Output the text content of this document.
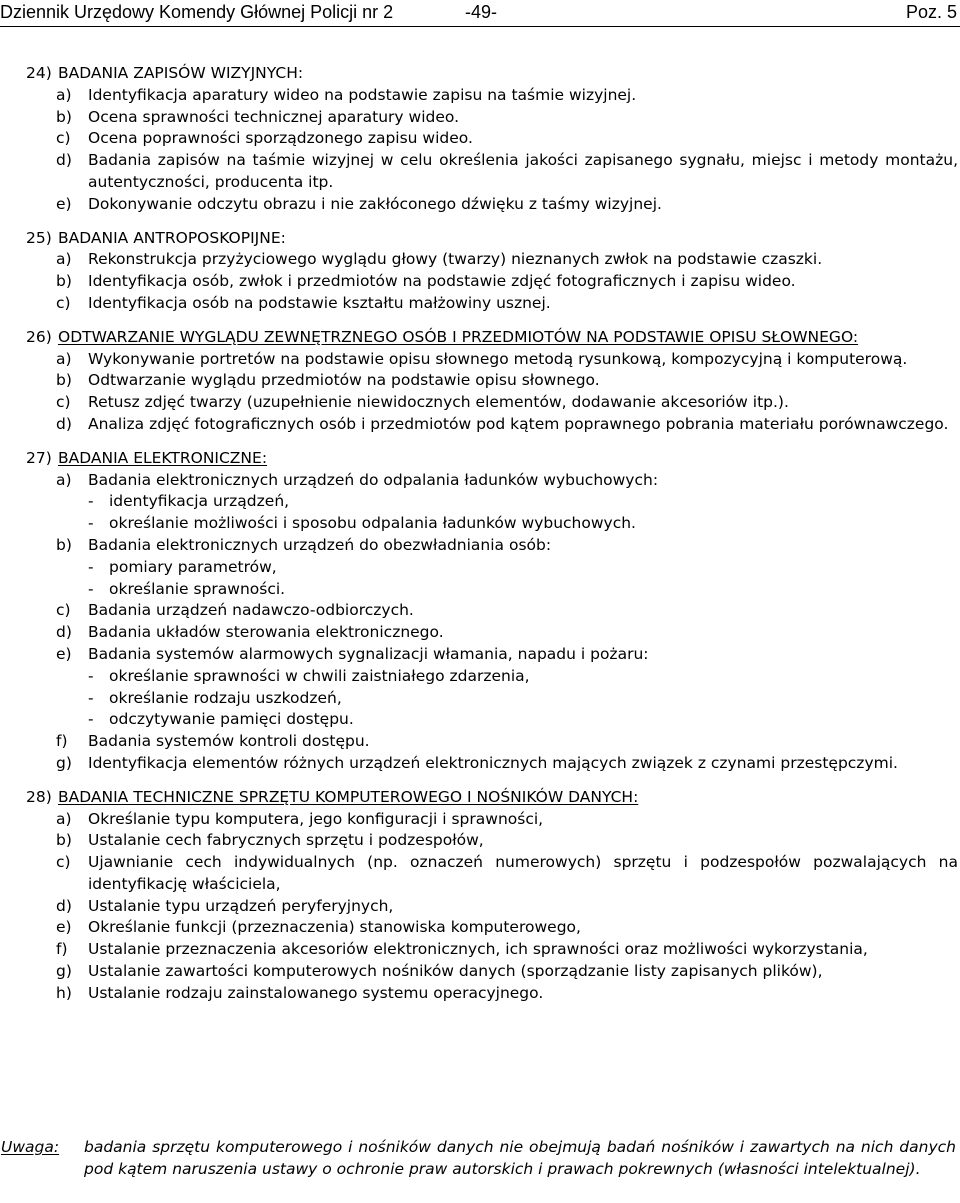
Dziennik Urzędowy Komendy Głównej Policji nr 2	-49-	Poz. 5
24) BADANIA ZAPISÓW WIZYJNYCH:
a) Identyfikacja aparatury wideo na podstawie zapisu na taśmie wizyjnej.
b) Ocena sprawności technicznej aparatury wideo.
c) Ocena poprawności sporządzonego zapisu wideo.
d) Badania zapisów na taśmie wizyjnej w celu określenia jakości zapisanego sygnału, miejsc i metody montażu, autentyczności, producenta itp.
e) Dokonywanie odczytu obrazu i nie zakłóconego dźwięku z taśmy wizyjnej.
25) BADANIA ANTROPOSKOPIJNE:
a) Rekonstrukcja przyżyciowego wyglądu głowy (twarzy) nieznanych zwłok na podstawie czaszki.
b) Identyfikacja osób, zwłok i przedmiotów na podstawie zdjęć fotograficznych i zapisu wideo.
c) Identyfikacja osób na podstawie kształtu małżowiny usznej.
26) ODTWARZANIE WYGLĄDU ZEWNĘTRZNEGO OSÓB I PRZEDMIOTÓW NA PODSTAWIE OPISU SŁOWNEGO:
a) Wykonywanie portretów na podstawie opisu słownego metodą rysunkową, kompozycyjną i komputerową.
b) Odtwarzanie wyglądu przedmiotów na podstawie opisu słownego.
c) Retusz zdjęć twarzy (uzupełnienie niewidocznych elementów, dodawanie akcesoriów itp.).
d) Analiza zdjęć fotograficznych osób i przedmiotów pod kątem poprawnego pobrania materiału porównawczego.
27) BADANIA ELEKTRONICZNE:
a) Badania elektronicznych urządzeń do odpalania ładunków wybuchowych:
- identyfikacja urządzeń,
- określanie możliwości i sposobu odpalania ładunków wybuchowych.
b) Badania elektronicznych urządzeń do obezwładniania osób:
- pomiary parametrów,
- określanie sprawności.
c) Badania urządzeń nadawczo-odbiorczych.
d) Badania układów sterowania elektronicznego.
e) Badania systemów alarmowych sygnalizacji włamania, napadu i pożaru:
- określanie sprawności w chwili zaistniałego zdarzenia,
- określanie rodzaju uszkodzeń,
- odczytywanie pamięci dostępu.
f) Badania systemów kontroli dostępu.
g) Identyfikacja elementów różnych urządzeń elektronicznych mających związek z czynami przestępczymi.
28) BADANIA TECHNICZNE SPRZĘTU KOMPUTEROWEGO I NOŚNIKÓW DANYCH:
a) Określanie typu komputera, jego konfiguracji i sprawności,
b) Ustalanie cech fabrycznych sprzętu i podzespołów,
c) Ujawnianie cech indywidualnych (np. oznaczeń numerowych) sprzętu i podzespołów pozwalających na identyfikację właściciela,
d) Ustalanie typu urządzeń peryferyjnych,
e) Określanie funkcji (przeznaczenia) stanowiska komputerowego,
f) Ustalanie przeznaczenia akcesoriów elektronicznych, ich sprawności oraz możliwości wykorzystania,
g) Ustalanie zawartości komputerowych nośników danych (sporządzanie listy zapisanych plików),
h) Ustalanie rodzaju zainstalowanego systemu operacyjnego.
Uwaga: badania sprzętu komputerowego i nośników danych nie obejmują badań nośników i zawartych na nich danych pod kątem naruszenia ustawy o ochronie praw autorskich i prawach pokrewnych (własności intelektualnej).
